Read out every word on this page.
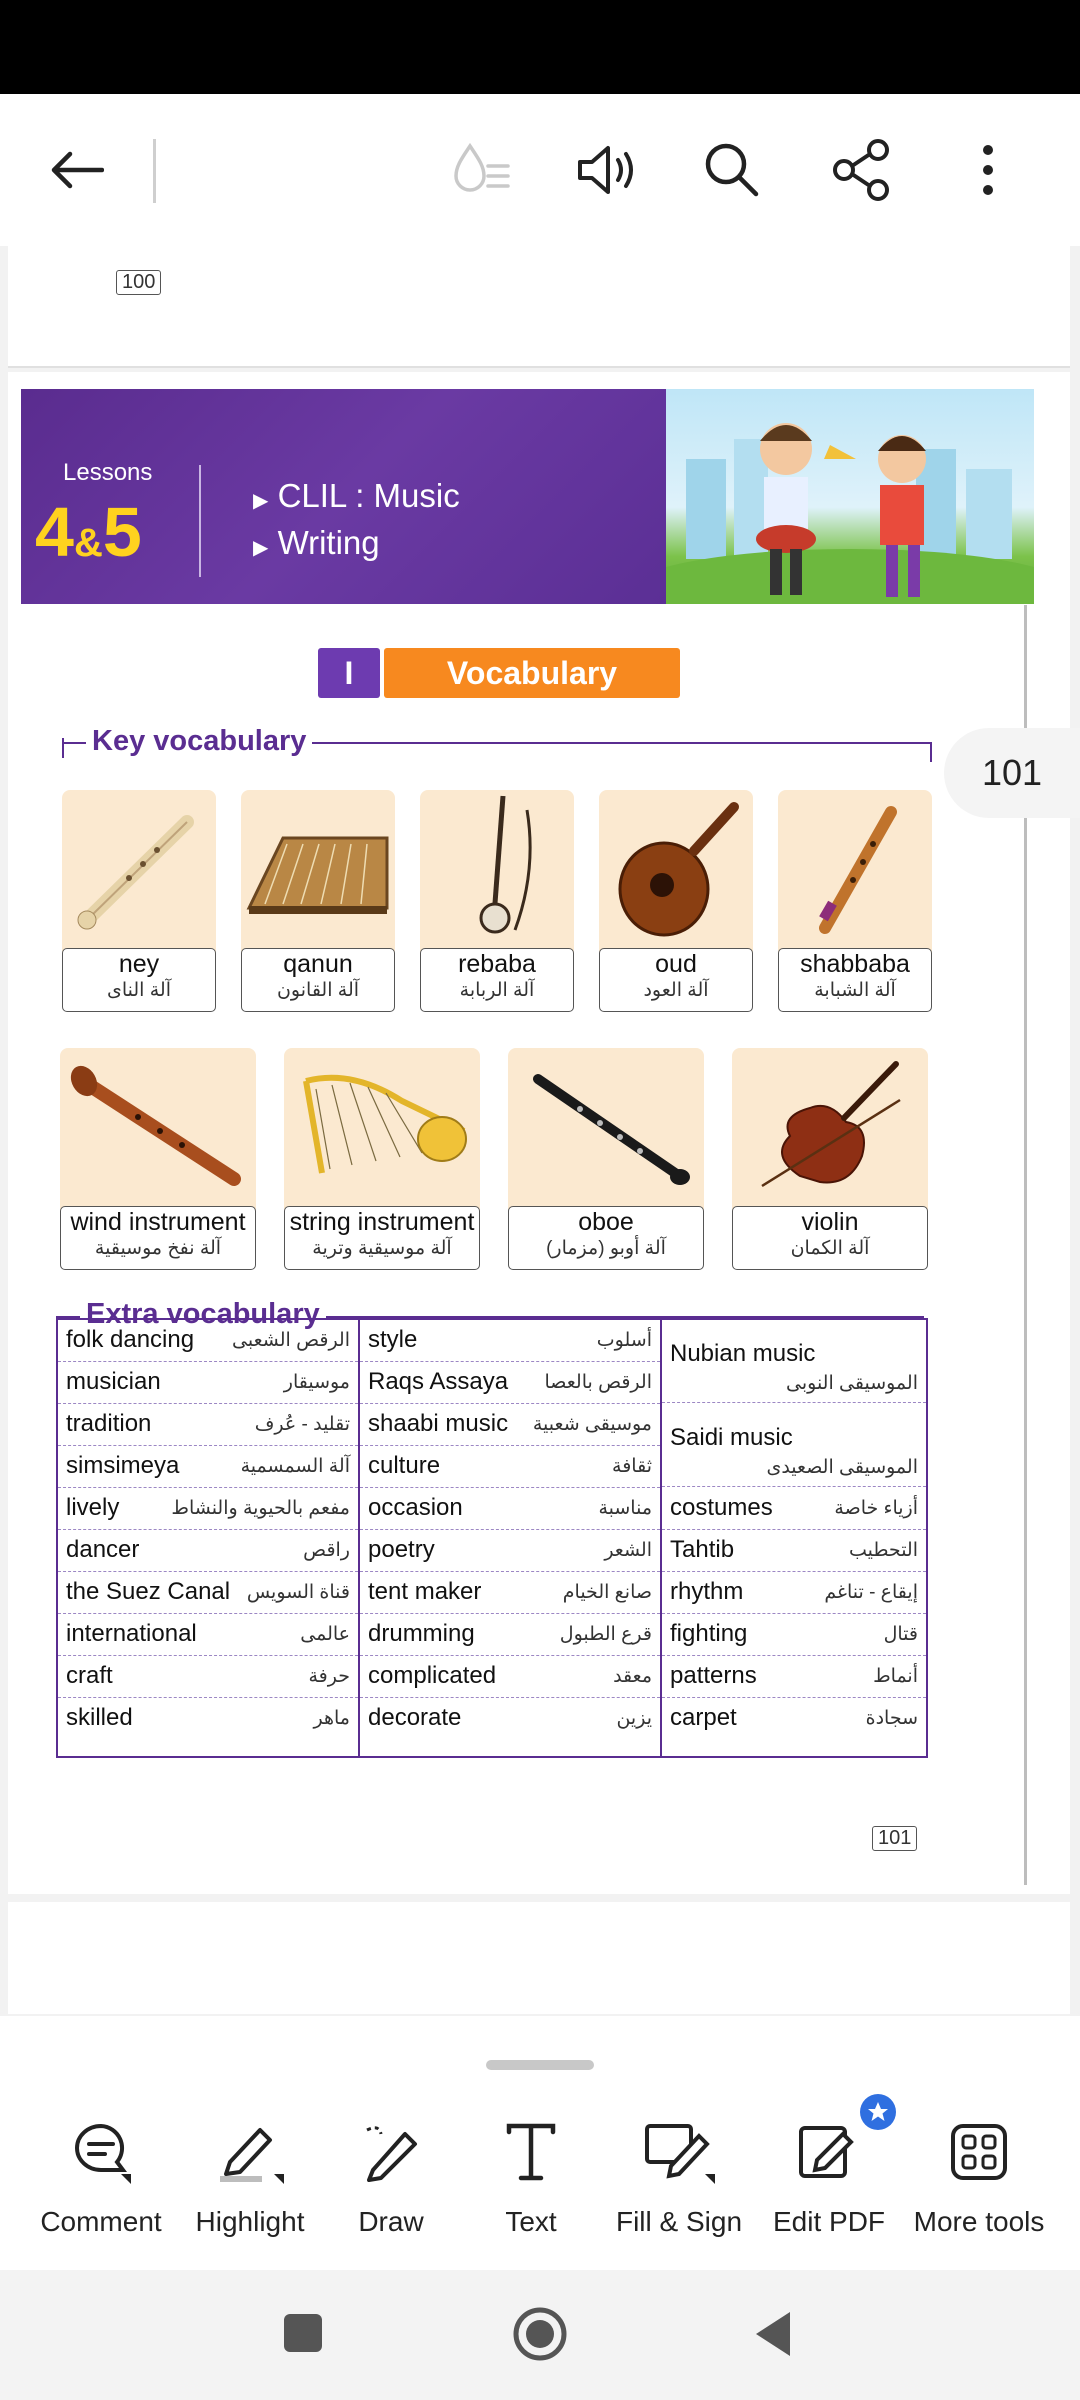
100
Lessons
4&5	▶ CLIL : Music
▶ Writing
I	Vocabulary
Key vocabulary
ney
آلة الناى
qanun
آلة القانون
rebaba
آلة الربابة
oud
آلة العود
shabbaba
آلة الشبابة
wind instrument
آلة نفخ موسيقية
string instrument
آلة موسيقية وترية
oboe
آلة أوبو (مزمار)
violin
آلة الكمان
101
Extra vocabulary
folk dancing الرقص الشعبى
musician	موسيقار
tradition	تقليد - عُرف
simsimeya	آلة السمسمية
lively	مفعم بالحيوية والنشاط
dancer	راقص
the Suez Canal قناة السويس
international	عالمى
craft	حرفة
skilled	ماهر
style	أسلوب
Raqs Assaya الرقص بالعصا
shaabi music موسيقى شعبية
culture	ثقافة
occasion	مناسبة
poetry	الشعر
tent maker	صانع الخيام
drumming	قرع الطبول
complicated	معقد
decorate	يزين
Nubian music
الموسيقى النوبى
Saidi music
الموسيقى الصعيدى
costumes	أزياء خاصة
Tahtib	التحطيب
rhythm	إيقاع - تناغم
fighting	قتال
patterns	أنماط
carpet	سجادة
101
Comment	Highlight	Draw	Text	Fill & Sign	Edit PDF	More tools
